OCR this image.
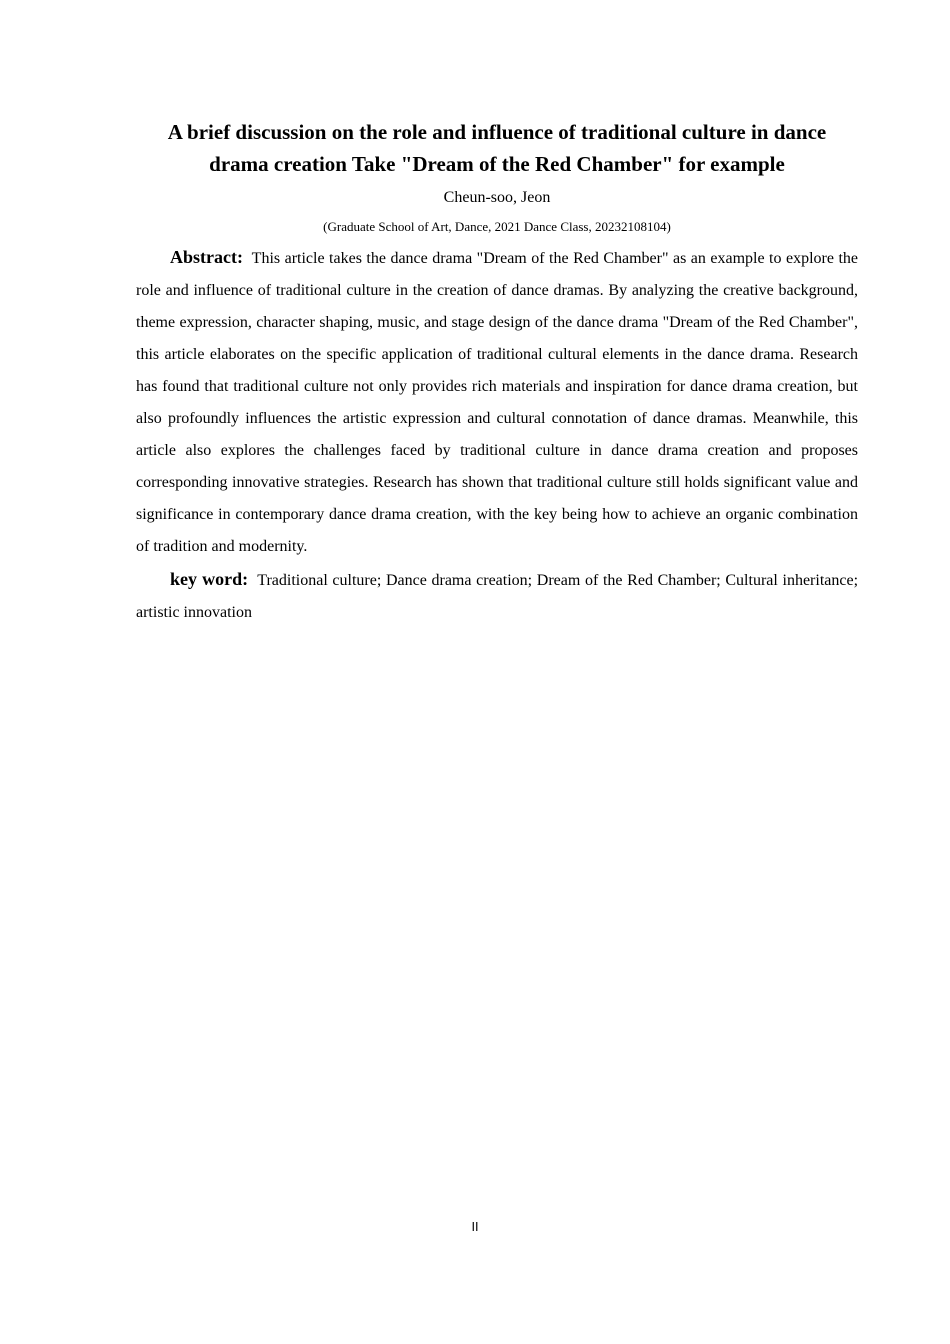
A brief discussion on the role and influence of traditional culture in dance drama creation Take "Dream of the Red Chamber" for example

Cheun-soo, Jeon

(Graduate School of Art, Dance, 2021 Dance Class, 20232108104)

Abstract: This article takes the dance drama "Dream of the Red Chamber" as an example to explore the role and influence of traditional culture in the creation of dance dramas. By analyzing the creative background, theme expression, character shaping, music, and stage design of the dance drama "Dream of the Red Chamber", this article elaborates on the specific application of traditional cultural elements in the dance drama. Research has found that traditional culture not only provides rich materials and inspiration for dance drama creation, but also profoundly influences the artistic expression and cultural connotation of dance dramas. Meanwhile, this article also explores the challenges faced by traditional culture in dance drama creation and proposes corresponding innovative strategies. Research has shown that traditional culture still holds significant value and significance in contemporary dance drama creation, with the key being how to achieve an organic combination of tradition and modernity.

key word: Traditional culture; Dance drama creation; Dream of the Red Chamber; Cultural inheritance; artistic innovation

II
